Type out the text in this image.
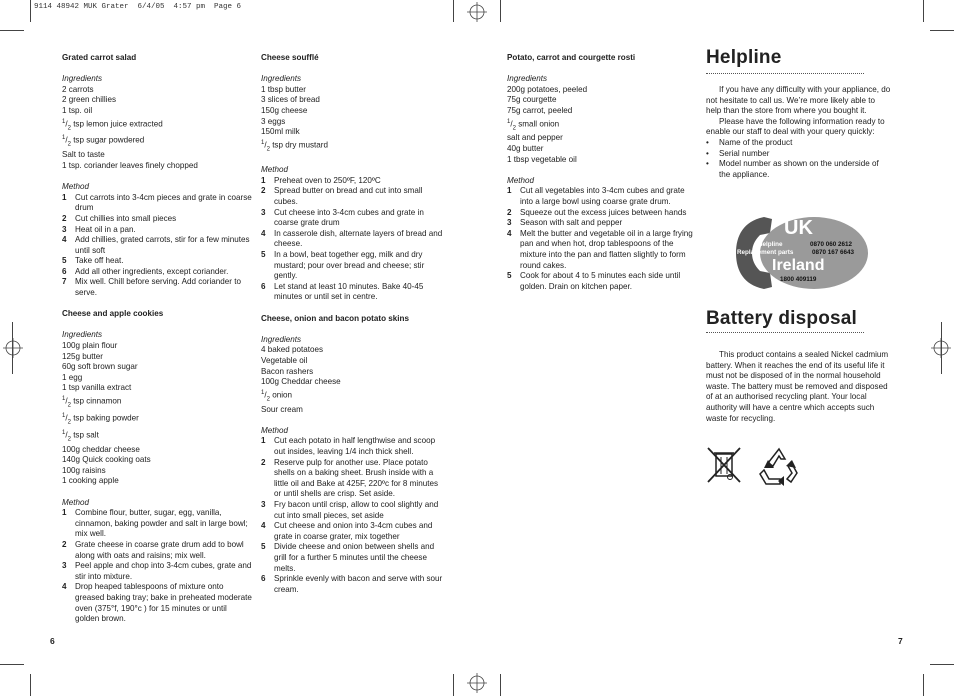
9114 48942 MUK Grater  6/4/05  4:57 pm  Page 6

Grated carrot salad

Ingredients

2 carrots

2 green chillies

1 tsp. oil

$^1/_2$ tsp lemon juice extracted

$^1/_2$ tsp sugar powdered

Salt to taste

1 tsp. coriander leaves finely chopped

Method

1	Cut carrots into 3-4cm pieces and grate in coarse drum
2	Cut chillies into small pieces
3	Heat oil in a pan.
4	Add chillies, grated carrots, stir for a few minutes until soft
5	Take off heat.
6	Add all other ingredients, except coriander.
7	Mix well. Chill before serving. Add coriander to serve.

Cheese and apple cookies

Ingredients

100g plain flour

125g butter

60g soft brown sugar

1 egg

1 tsp vanilla extract

$^1/_2$ tsp cinnamon

$^1/_2$ tsp baking powder

$^1/_2$ tsp salt

100g cheddar cheese

140g Quick cooking oats

100g raisins

1 cooking apple

Method

1	Combine flour, butter, sugar, egg, vanilla, cinnamon, baking powder and salt in large bowl; mix well.
2	Grate cheese in coarse grate drum add to bowl along with oats and raisins; mix well.
3	Peel apple and chop into 3-4cm cubes, grate and stir into mixture.
4	Drop heaped tablespoons of mixture onto greased baking tray; bake in preheated moderate oven (375°f, 190°c ) for 15 minutes or until golden brown.

Cheese soufflé

Ingredients

1 tbsp butter

3 slices of bread

150g cheese

3 eggs

150ml milk

$^1/_2$ tsp dry mustard

Method

1	Preheat oven to 250ºF, 120ºC
2	Spread butter on bread and cut into small cubes.
3	Cut cheese into 3-4cm cubes and grate in coarse grate drum
4	In casserole dish, alternate layers of bread and cheese.
5	In a bowl, beat together egg, milk and dry mustard; pour over bread and cheese; stir gently.
6	Let stand at least 10 minutes. Bake 40-45 minutes or until set in centre.

Cheese, onion and bacon potato skins

Ingredients

4 baked potatoes

Vegetable oil

Bacon rashers

100g Cheddar cheese

$^1/_2$ onion

Sour cream

Method

1	Cut each potato in half lengthwise and scoop out insides, leaving 1/4 inch thick shell.
2	Reserve pulp for another use. Place potato shells on a baking sheet. Brush inside with a little oil and Bake at 425F, 220ºc for 8 minutes or until shells are crisp. Set aside.
3	Fry bacon until crisp, allow to cool slightly and cut into small pieces, set aside
4	Cut cheese and onion into 3-4cm cubes and grate in coarse grater, mix together
5	Divide cheese and onion between shells and grill for a further 5 minutes until the cheese melts.
6	Sprinkle evenly with bacon and serve with sour cream.

Potato, carrot and courgette rosti

Ingredients

200g potatoes, peeled

75g courgette

75g carrot, peeled

$^1/_2$ small onion

salt and pepper

40g butter

1 tbsp vegetable oil

Method

1	Cut all vegetables into 3-4cm cubes and grate into a large bowl using coarse grate drum.
2	Squeeze out the excess juices between hands
3	Season with salt and pepper
4	Melt the butter and vegetable oil in a large frying pan and when hot, drop tablespoons of the mixture into the pan and flatten slightly to form round cakes.
5	Cook for about 4 to 5 minutes each side until golden. Drain on kitchen paper.
Helpline

If you have any difficulty with your appliance, do not hesitate to call us. We’re more likely able to help than the store from where you bought it.

Please have the following information ready to enable our staff to deal with your query quickly:

•	Name of the product
•	Serial number
•	Model number as shown on the underside of the appliance.
UK
Helpline	0870 060 2612
Replacement parts	0870 167 6643
Ireland
1800 409119
Battery disposal

This product contains a sealed Nickel cadmium battery. When it reaches the end of its useful life it must not be disposed of in the normal household waste. The battery must be removed and disposed of at an authorised recycling plant. Your local authority will have a centre which accepts such waste for recycling.

6	7
